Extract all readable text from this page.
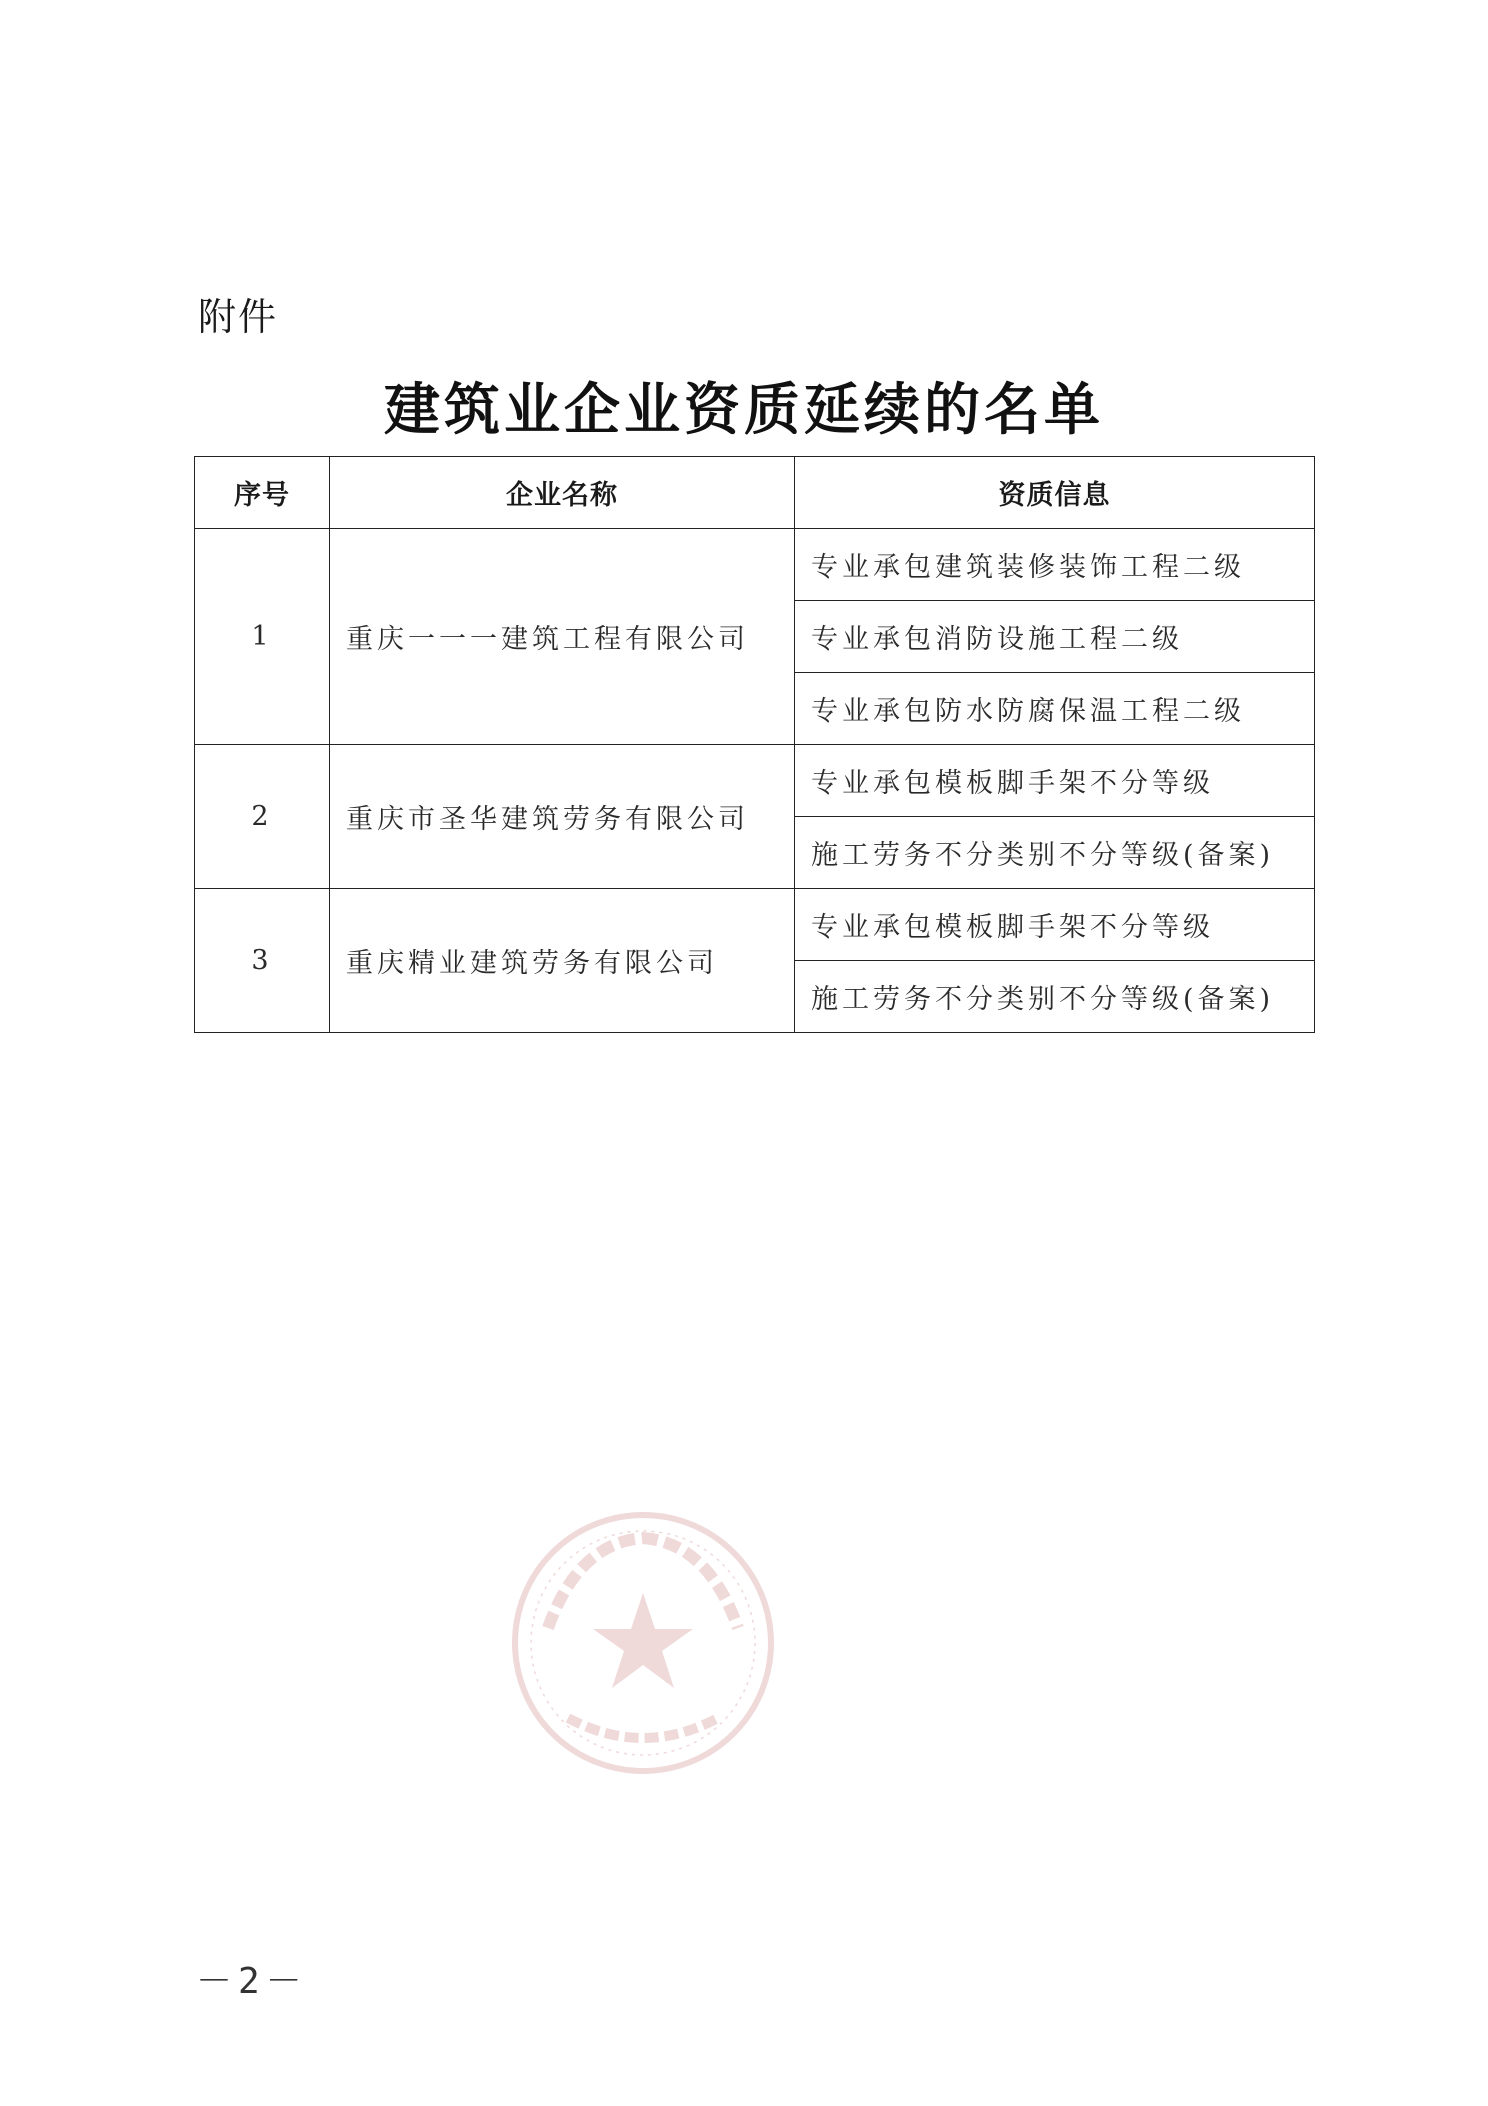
附件
建筑业企业资质延续的名单
序号	企业名称	资质信息
1	重庆一一一建筑工程有限公司	专业承包建筑装修装饰工程二级
		专业承包消防设施工程二级
		专业承包防水防腐保温工程二级
2	重庆市圣华建筑劳务有限公司	专业承包模板脚手架不分等级
		施工劳务不分类别不分等级(备案)
3	重庆精业建筑劳务有限公司	专业承包模板脚手架不分等级
		施工劳务不分类别不分等级(备案)
－2－
